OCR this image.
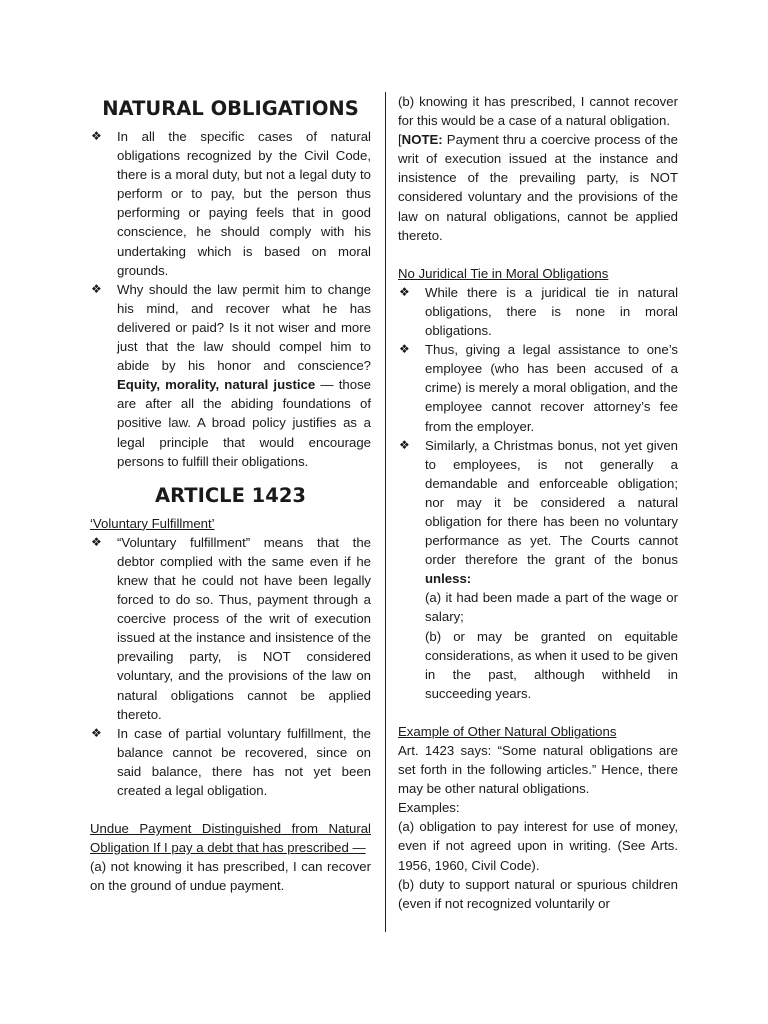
NATURAL OBLIGATIONS
❖ In all the specific cases of natural obligations recognized by the Civil Code, there is a moral duty, but not a legal duty to perform or to pay, but the person thus performing or paying feels that in good conscience, he should comply with his undertaking which is based on moral grounds.
❖ Why should the law permit him to change his mind, and recover what he has delivered or paid? Is it not wiser and more just that the law should compel him to abide by his honor and conscience? Equity, morality, natural justice — those are after all the abiding foundations of positive law. A broad policy justifies as a legal principle that would encourage persons to fulfill their obligations.
ARTICLE 1423
‘Voluntary Fulfillment’
❖ “Voluntary fulfillment” means that the debtor complied with the same even if he knew that he could not have been legally forced to do so. Thus, payment through a coercive process of the writ of execution issued at the instance and insistence of the prevailing party, is NOT considered voluntary, and the provisions of the law on natural obligations cannot be applied thereto.
❖ In case of partial voluntary fulfillment, the balance cannot be recovered, since on said balance, there has not yet been created a legal obligation.
Undue Payment Distinguished from Natural Obligation If I pay a debt that has prescribed —
(a) not knowing it has prescribed, I can recover on the ground of undue payment.
(b) knowing it has prescribed, I cannot recover for this would be a case of a natural obligation.
[NOTE: Payment thru a coercive process of the writ of execution issued at the instance and insistence of the prevailing party, is NOT considered voluntary and the provisions of the law on natural obligations, cannot be applied thereto.
No Juridical Tie in Moral Obligations
❖ While there is a juridical tie in natural obligations, there is none in moral obligations.
❖ Thus, giving a legal assistance to one’s employee (who has been accused of a crime) is merely a moral obligation, and the employee cannot recover attorney’s fee from the employer.
❖ Similarly, a Christmas bonus, not yet given to employees, is not generally a demandable and enforceable obligation; nor may it be considered a natural obligation for there has been no voluntary performance as yet. The Courts cannot order therefore the grant of the bonus unless:
(a) it had been made a part of the wage or salary;
(b) or may be granted on equitable considerations, as when it used to be given in the past, although withheld in succeeding years.
Example of Other Natural Obligations
Art. 1423 says: “Some natural obligations are set forth in the following articles.” Hence, there may be other natural obligations.
Examples:
(a) obligation to pay interest for use of money, even if not agreed upon in writing. (See Arts. 1956, 1960, Civil Code).
(b) duty to support natural or spurious children (even if not recognized voluntarily or
